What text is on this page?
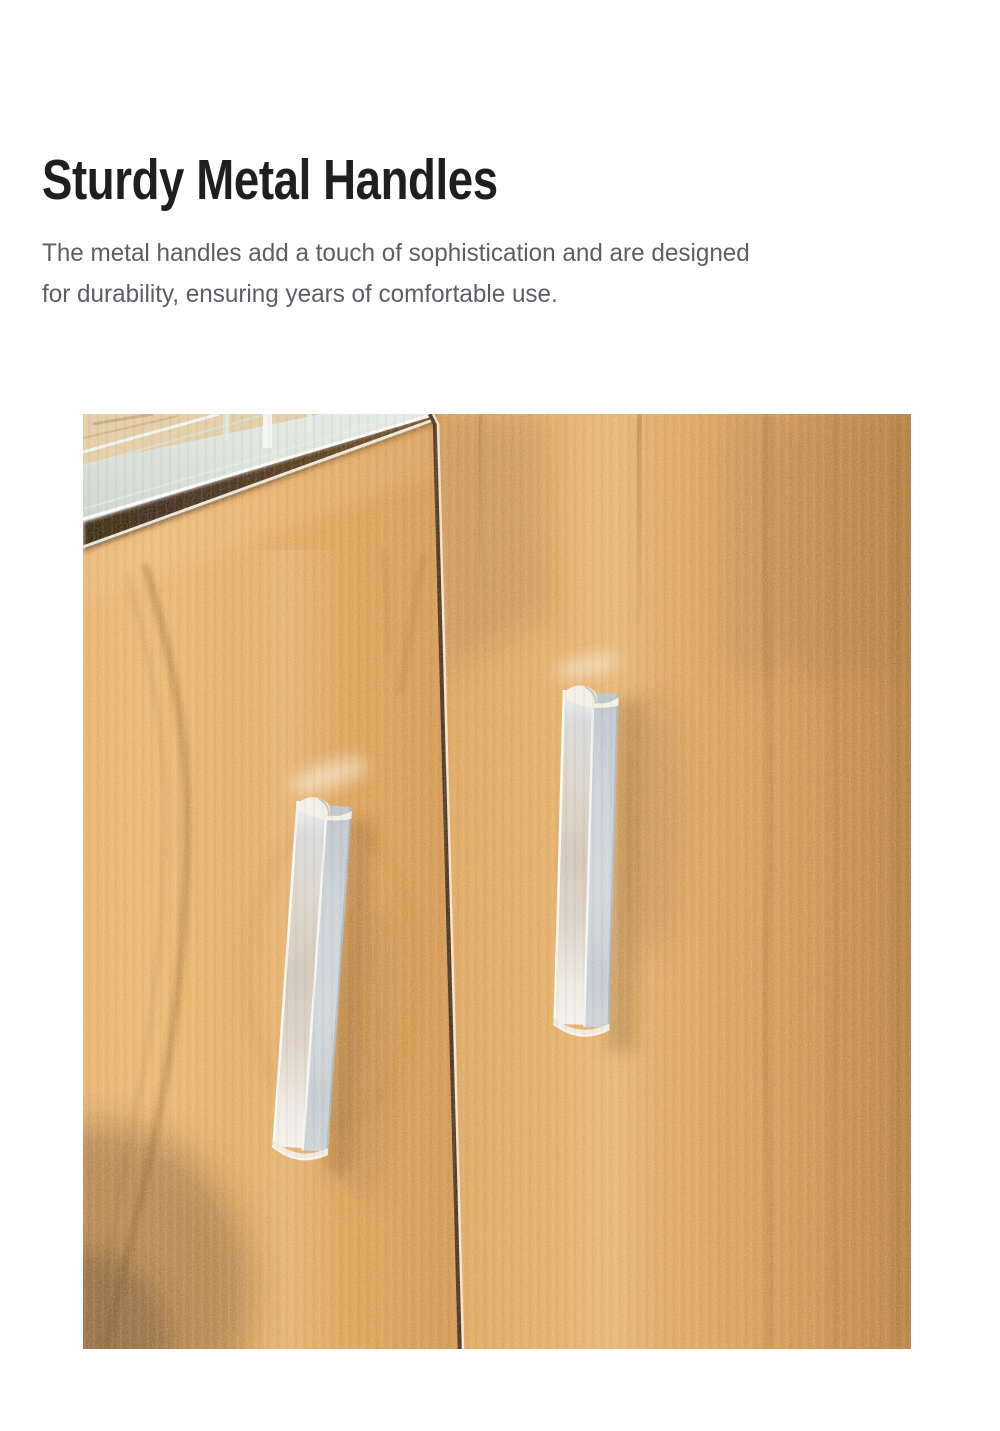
Sturdy Metal Handles

The metal handles add a touch of sophistication and are designed
for durability, ensuring years of comfortable use.
